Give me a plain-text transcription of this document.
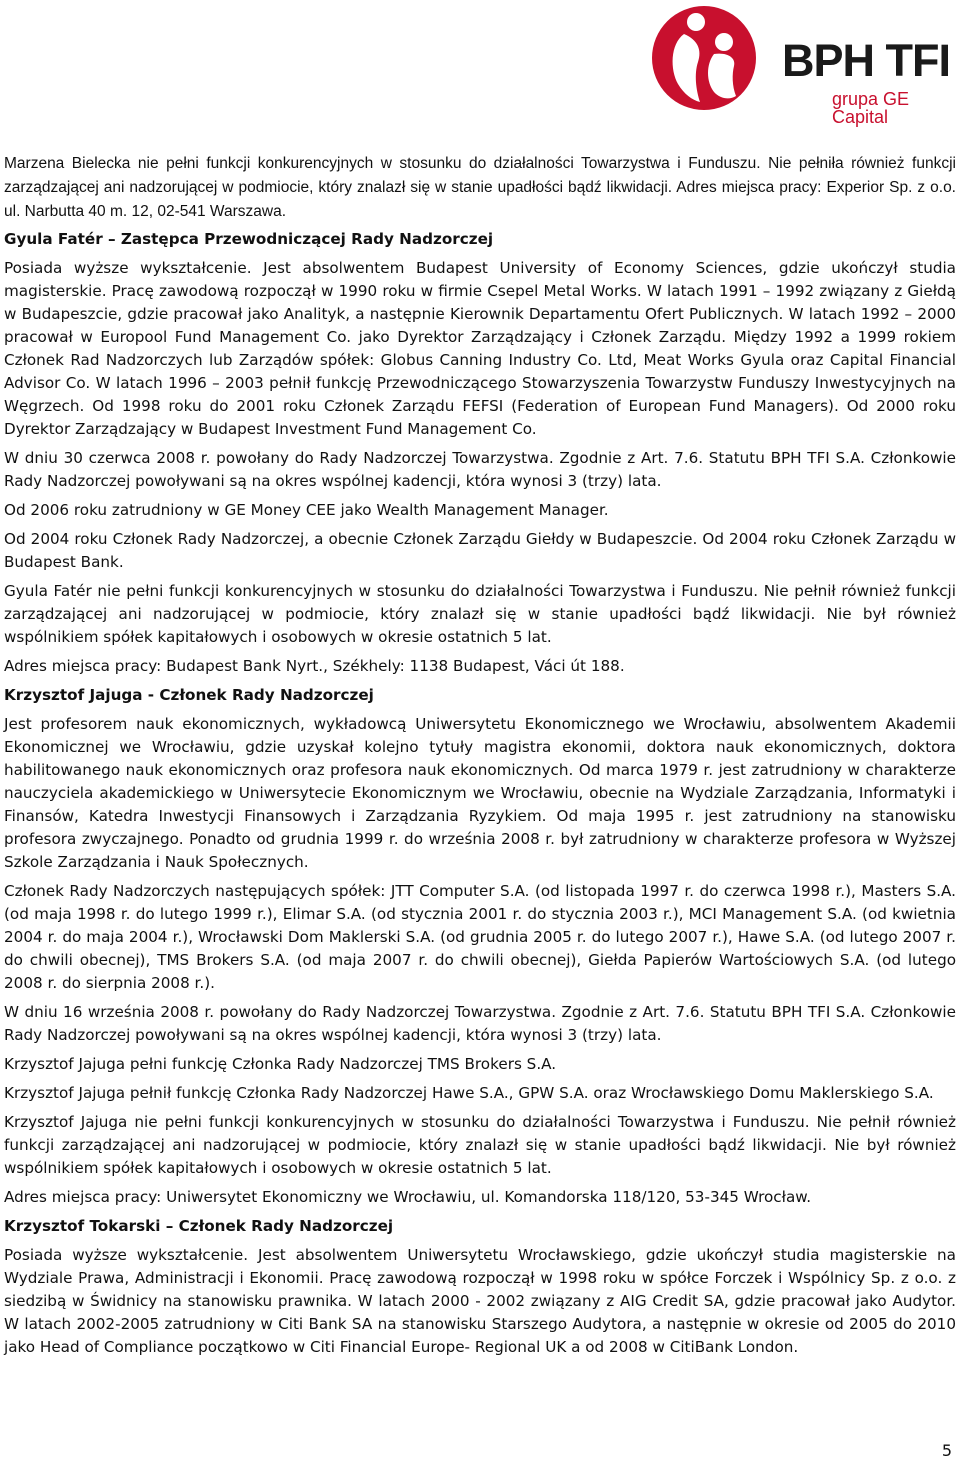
BPH TFI
grupa GE Capital

Marzena Bielecka nie pełni funkcji konkurencyjnych w stosunku do działalności Towarzystwa i Funduszu. Nie pełniła również funkcji zarządzającej ani nadzorującej w podmiocie, który znalazł się w stanie upadłości bądź likwidacji. Adres miejsca pracy: Experior Sp. z o.o. ul. Narbutta 40 m. 12, 02-541 Warszawa.

Gyula Fatér – Zastępca Przewodniczącej Rady Nadzorczej

Posiada wyższe wykształcenie. Jest absolwentem Budapest University of Economy Sciences, gdzie ukończył studia magisterskie. Pracę zawodową rozpoczął w 1990 roku w firmie Csepel Metal Works. W latach 1991 – 1992 związany z Giełdą w Budapeszcie, gdzie pracował jako Analityk, a następnie Kierownik Departamentu Ofert Publicznych. W latach 1992 – 2000 pracował w Europool Fund Management Co. jako Dyrektor Zarządzający i Członek Zarządu. Między 1992 a 1999 rokiem Członek Rad Nadzorczych lub Zarządów spółek: Globus Canning Industry Co. Ltd, Meat Works Gyula oraz Capital Financial Advisor Co. W latach 1996 – 2003 pełnił funkcję Przewodniczącego Stowarzyszenia Towarzystw Funduszy Inwestycyjnych na Węgrzech. Od 1998 roku do 2001 roku Członek Zarządu FEFSI (Federation of European Fund Managers). Od 2000 roku Dyrektor Zarządzający w Budapest Investment Fund Management Co.

W dniu 30 czerwca 2008 r. powołany do Rady Nadzorczej Towarzystwa. Zgodnie z Art. 7.6. Statutu BPH TFI S.A. Członkowie Rady Nadzorczej powoływani są na okres wspólnej kadencji, która wynosi 3 (trzy) lata.

Od 2006 roku zatrudniony w GE Money CEE jako Wealth Management Manager.

Od 2004 roku Członek Rady Nadzorczej, a obecnie Członek Zarządu Giełdy w Budapeszcie. Od 2004 roku Członek Zarządu w Budapest Bank.

Gyula Fatér nie pełni funkcji konkurencyjnych w stosunku do działalności Towarzystwa i Funduszu. Nie pełnił również funkcji zarządzającej ani nadzorującej w podmiocie, który znalazł się w stanie upadłości bądź likwidacji. Nie był również wspólnikiem spółek kapitałowych i osobowych w okresie ostatnich 5 lat.

Adres miejsca pracy: Budapest Bank Nyrt., Székhely: 1138 Budapest, Váci út 188.

Krzysztof Jajuga - Członek Rady Nadzorczej

Jest profesorem nauk ekonomicznych, wykładowcą Uniwersytetu Ekonomicznego we Wrocławiu, absolwentem Akademii Ekonomicznej we Wrocławiu, gdzie uzyskał kolejno tytuły magistra ekonomii, doktora nauk ekonomicznych, doktora habilitowanego nauk ekonomicznych oraz profesora nauk ekonomicznych. Od marca 1979 r. jest zatrudniony w charakterze nauczyciela akademickiego w Uniwersytecie Ekonomicznym we Wrocławiu, obecnie na Wydziale Zarządzania, Informatyki i Finansów, Katedra Inwestycji Finansowych i Zarządzania Ryzykiem. Od maja 1995 r. jest zatrudniony na stanowisku profesora zwyczajnego. Ponadto od grudnia 1999 r. do września 2008 r. był zatrudniony w charakterze profesora w Wyższej Szkole Zarządzania i Nauk Społecznych.

Członek Rady Nadzorczych następujących spółek: JTT Computer S.A. (od listopada 1997 r. do czerwca 1998 r.), Masters S.A. (od maja 1998 r. do lutego 1999 r.), Elimar S.A. (od stycznia 2001 r. do stycznia 2003 r.), MCI Management S.A. (od kwietnia 2004 r. do maja 2004 r.), Wrocławski Dom Maklerski S.A. (od grudnia 2005 r. do lutego 2007 r.), Hawe S.A. (od lutego 2007 r. do chwili obecnej), TMS Brokers S.A. (od maja 2007 r. do chwili obecnej), Giełda Papierów Wartościowych S.A. (od lutego 2008 r. do sierpnia 2008 r.).

W dniu 16 września 2008 r. powołany do Rady Nadzorczej Towarzystwa. Zgodnie z Art. 7.6. Statutu BPH TFI S.A. Członkowie Rady Nadzorczej powoływani są na okres wspólnej kadencji, która wynosi 3 (trzy) lata.

Krzysztof Jajuga pełni funkcję Członka Rady Nadzorczej TMS Brokers S.A.

Krzysztof Jajuga pełnił funkcję Członka Rady Nadzorczej Hawe S.A., GPW S.A. oraz Wrocławskiego Domu Maklerskiego S.A.

Krzysztof Jajuga nie pełni funkcji konkurencyjnych w stosunku do działalności Towarzystwa i Funduszu. Nie pełnił również funkcji zarządzającej ani nadzorującej w podmiocie, który znalazł się w stanie upadłości bądź likwidacji. Nie był również wspólnikiem spółek kapitałowych i osobowych w okresie ostatnich 5 lat.

Adres miejsca pracy: Uniwersytet Ekonomiczny we Wrocławiu, ul. Komandorska 118/120, 53-345 Wrocław.

Krzysztof Tokarski – Członek Rady Nadzorczej

Posiada wyższe wykształcenie. Jest absolwentem Uniwersytetu Wrocławskiego, gdzie ukończył studia magisterskie na Wydziale Prawa, Administracji i Ekonomii. Pracę zawodową rozpoczął w 1998 roku w spółce Forczek i Wspólnicy Sp. z o.o. z siedzibą w Świdnicy na stanowisku prawnika. W latach 2000 - 2002 związany z AIG Credit SA, gdzie pracował jako Audytor. W latach 2002-2005 zatrudniony w Citi Bank SA na stanowisku Starszego Audytora, a następnie w okresie od 2005 do 2010 jako Head of Compliance początkowo w Citi Financial Europe- Regional UK a od 2008 w CitiBank London.

5
